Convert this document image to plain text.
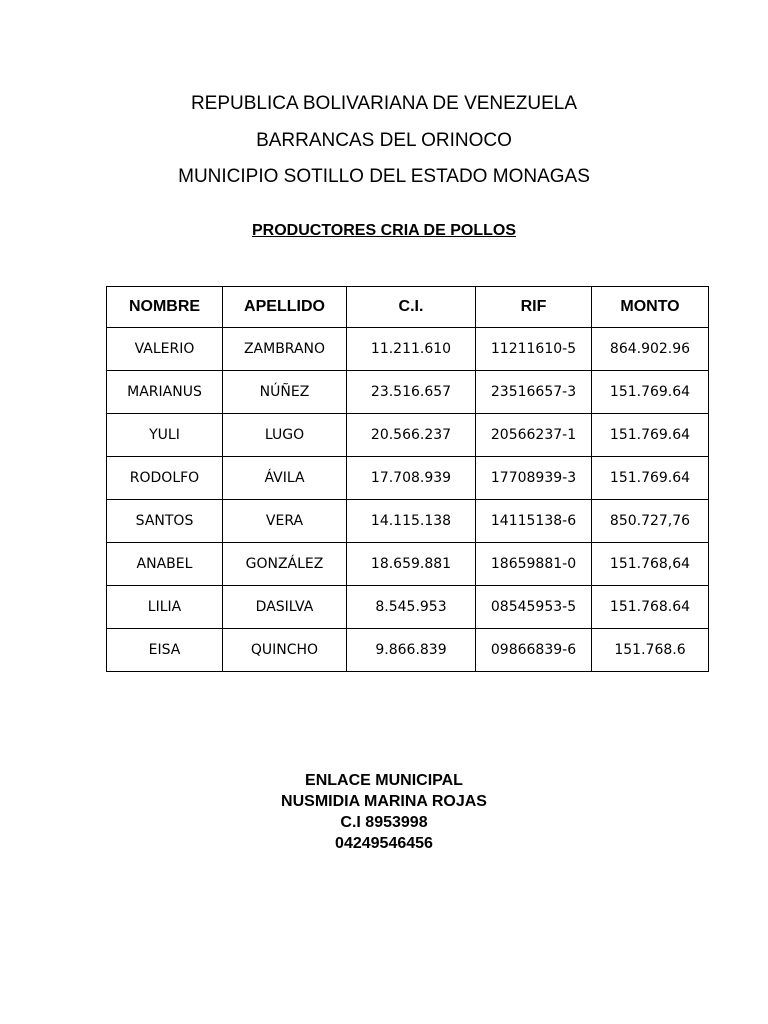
REPUBLICA BOLIVARIANA DE VENEZUELA
BARRANCAS DEL ORINOCO
MUNICIPIO SOTILLO DEL ESTADO MONAGAS
PRODUCTORES CRIA DE POLLOS
NOMBRE	APELLIDO	C.I.	RIF	MONTO
VALERIO	ZAMBRANO	11.211.610	11211610-5	864.902.96
MARIANUS	NÚÑEZ	23.516.657	23516657-3	151.769.64
YULI	LUGO	20.566.237	20566237-1	151.769.64
RODOLFO	ÁVILA	17.708.939	17708939-3	151.769.64
SANTOS	VERA	14.115.138	14115138-6	850.727,76
ANABEL	GONZÁLEZ	18.659.881	18659881-0	151.768,64
LILIA	DASILVA	8.545.953	08545953-5	151.768.64
EISA	QUINCHO	9.866.839	09866839-6	151.768.6
ENLACE MUNICIPAL
NUSMIDIA MARINA ROJAS
C.I 8953998
04249546456
